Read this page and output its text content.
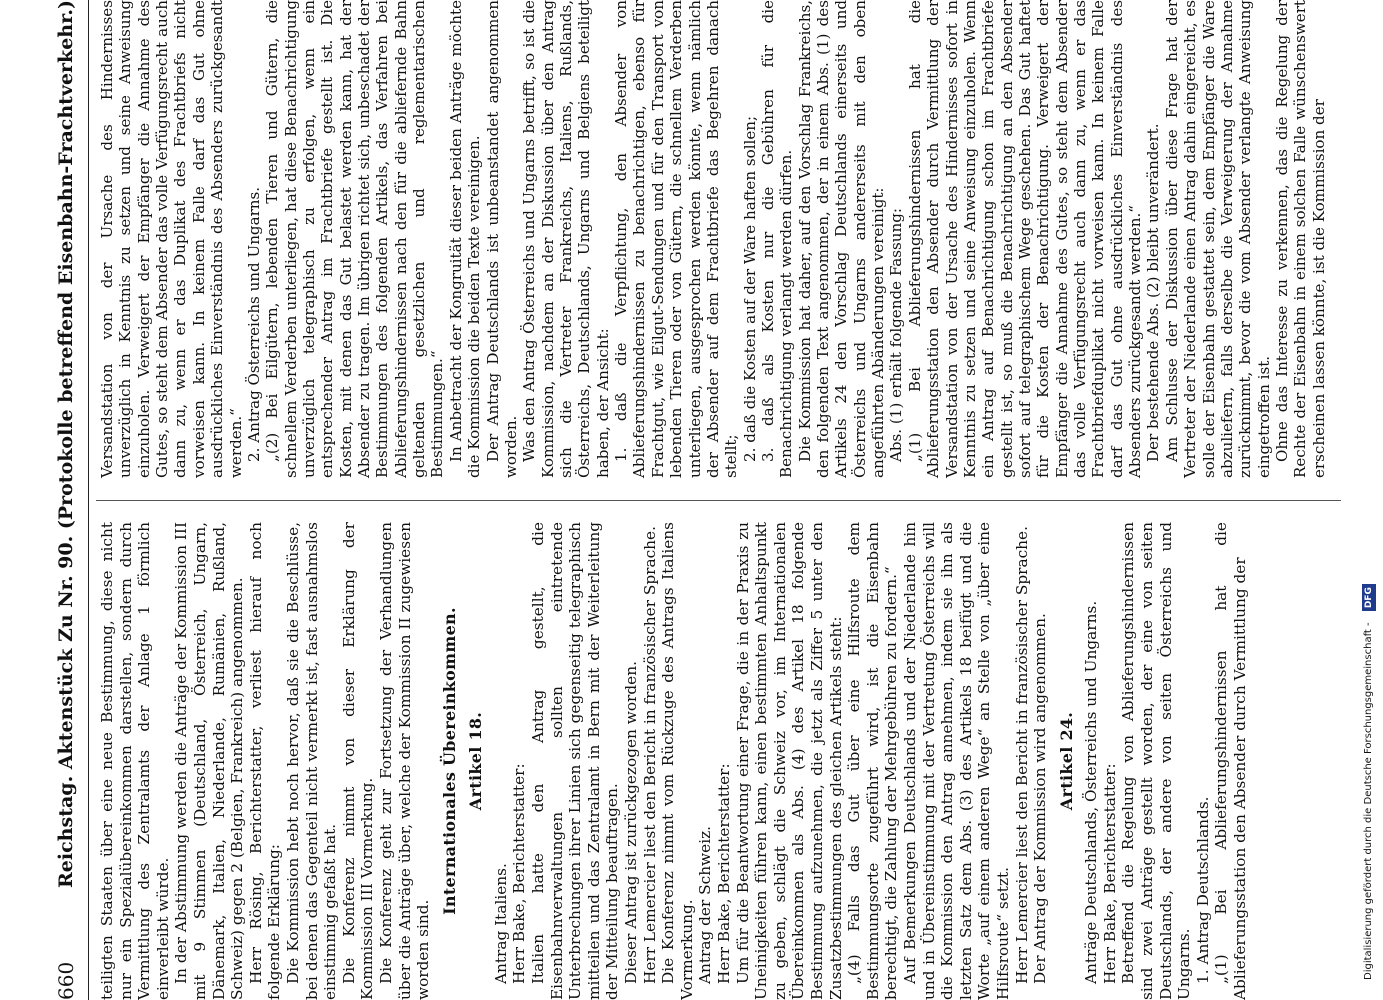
660
Reichstag. Aktenstück Zu Nr. 90. (Protokolle betreffend Eisenbahn-Frachtverkehr.) teiligten Staaten über eine neue Bestimmung, diese nicht nur ein Spezialübereinkommen darstellen, sondern durch Vermittlung des Zentralamts der Anlage 1 förmlich einverleibt würde. In der Abstimmung werden die Anträge der Kommission III mit 9 Stimmen (Deutschland, Österreich, Ungarn, Dänemark, Italien, Niederlande, Rumänien, Rußland, Schweiz) gegen 2 (Belgien, Frankreich) angenommen. Herr Rösing, Berichterstatter, verliest hierauf noch folgende Erklärung: Die Kommission hebt noch hervor, daß sie die Beschlüsse, bei denen das Gegenteil nicht vermerkt ist, fast ausnahmslos einstimmig gefaßt hat. Die Konferenz nimmt von dieser Erklärung der Kommission III Vormerkung. Die Konferenz geht zur Fortsetzung der Verhandlungen über die Anträge über, welche der Kommission II zugewiesen worden sind.

Internationales Übereinkommen. Artikel 18.

Antrag Italiens. Herr Bake, Berichterstatter: Italien hatte den Antrag gestellt, die Eisenbahnverwaltungen sollten eintretende Unterbrechungen ihrer Linien sich gegenseitig telegraphisch mitteilen und das Zentralamt in Bern mit der Weiterleitung der Mitteilung beauftragen. Dieser Antrag ist zurückgezogen worden. Herr Lemercier liest den Bericht in französischer Sprache. Die Konferenz nimmt vom Rückzuge des Antrags Italiens Vormerkung. Antrag der Schweiz. Herr Bake, Berichterstatter: Um für die Beantwortung einer Frage, die in der Praxis zu Uneinigkeiten führen kann, einen bestimmten Anhaltspunkt zu geben, schlägt die Schweiz vor, im Internationalen Übereinkommen als Abs. (4) des Artikel 18 folgende Bestimmung aufzunehmen, die jetzt als Ziffer 5 unter den Zusatzbestimmungen des gleichen Artikels steht: „(4) Falls das Gut über eine Hilfsroute dem Bestimmungsorte zugeführt wird, ist die Eisenbahn berechtigt, die Zahlung der Mehrgebühren zu fordern.“ Auf Bemerkungen Deutschlands und der Niederlande hin und in Übereinstimmung mit der Vertretung Österreichs will die Kommission den Antrag annehmen, indem sie ihn als letzten Satz dem Abs. (3) des Artikels 18 beifügt und die Worte „auf einem anderen Wege“ an Stelle von „über eine Hilfsroute“ setzt. Herr Lemercier liest den Bericht in französischer Sprache. Der Antrag der Kommission wird angenommen. Artikel 24. Anträge Deutschlands, Österreichs und Ungarns. Herr Bake, Berichterstatter: Betreffend die Regelung von Ablieferungshindernissen sind zwei Anträge gestellt worden, der eine von seiten Deutschlands, der andere von seiten Österreichs und Ungarns. 1. Antrag Deutschlands. „(1) Bei Ablieferungshindernissen hat die Ablieferungsstation den Absender durch Vermittlung der

Versandstation von der Ursache des Hindernisses unverzüglich in Kenntnis zu setzen und seine Anweisung einzuholen. Verweigert der Empfänger die Annahme des Gutes, so steht dem Absender das volle Verfügungsrecht auch dann zu, wenn er das Duplikat des Frachtbriefs nicht vorweisen kann. In keinem Falle darf das Gut ohne ausdrückliches Einverständnis des Absenders zurückgesandt werden.“ 2. Antrag Österreichs und Ungarns. „(2) Bei Eilgütern, lebenden Tieren und Gütern, die schnellem Verderben unterliegen, hat diese Benachrichtigung unverzüglich telegraphisch zu erfolgen, wenn ein entsprechender Antrag im Frachtbriefe gestellt ist. Die Kosten, mit denen das Gut belastet werden kann, hat der Absender zu tragen. Im übrigen richtet sich, unbeschadet der Bestimmungen des folgenden Artikels, das Verfahren bei Ablieferungshindernissen nach den für die abliefernde Bahn geltenden gesetzlichen und reglementarischen Bestimmungen.“ In Anbetracht der Kongruität dieser beiden Anträge möchte die Kommission die beiden Texte vereinigen. Der Antrag Deutschlands ist unbeanstandet angenommen worden. Was den Antrag Österreichs und Ungarns betrifft, so ist die Kommission, nachdem an der Diskussion über den Antrag sich die Vertreter Frankreichs, Italiens, Rußlands, Österreichs, Deutschlands, Ungarns und Belgiens beteiligt haben, der Ansicht: 1. daß die Verpflichtung, den Absender von Ablieferungshindernissen zu benachrichtigen, ebenso für Frachtgut, wie Eilgut-Sendungen und für den Transport von lebenden Tieren oder von Gütern, die schnellem Verderben unterliegen, ausgesprochen werden könnte, wenn nämlich der Absender auf dem Frachtbriefe das Begehren danach stellt; 2. daß die Kosten auf der Ware haften sollen; 3. daß als Kosten nur die Gebühren für die Benachrichtigung verlangt werden dürfen. Die Kommission hat daher, auf den Vorschlag Frankreichs, den folgenden Text angenommen, der in einem Abs. (1) des Artikels 24 den Vorschlag Deutschlands einerseits und Österreichs und Ungarns andererseits mit den oben angeführten Abänderungen vereinigt: Abs. (1) erhält folgende Fassung: „(1) Bei Ablieferungshindernissen hat die Ablieferungsstation den Absender durch Vermittlung der Versandstation von der Ursache des Hindernisses sofort in Kenntnis zu setzen und seine Anweisung einzuholen. Wenn ein Antrag auf Benachrichtigung schon im Frachtbriefe gestellt ist, so muß die Benachrichtigung an den Absender sofort auf telegraphischem Wege geschehen. Das Gut haftet für die Kosten der Benachrichtigung. Verweigert der Empfänger die Annahme des Gutes, so steht dem Absender das volle Verfügungsrecht auch dann zu, wenn er das Frachtbriefduplikat nicht vorweisen kann. In keinem Falle darf das Gut ohne ausdrückliches Einverständnis des Absenders zurückgesandt werden.“ Der bestehende Abs. (2) bleibt unverändert. Am Schlusse der Diskussion über diese Frage hat der Vertreter der Niederlande einen Antrag dahin eingereicht, es solle der Eisenbahn gestattet sein, dem Empfänger die Ware abzuliefern, falls derselbe die Verweigerung der Annahme zurücknimmt, bevor die vom Absender verlangte Anweisung eingetroffen ist. Ohne das Interesse zu verkennen, das die Regelung der Rechte der Eisenbahn in einem solchen Falle wünschenswert erscheinen lassen könnte, ist die Kommission der

Digitalisierung gefördert durch die Deutsche Forschungsgemeinschaft - DFG
